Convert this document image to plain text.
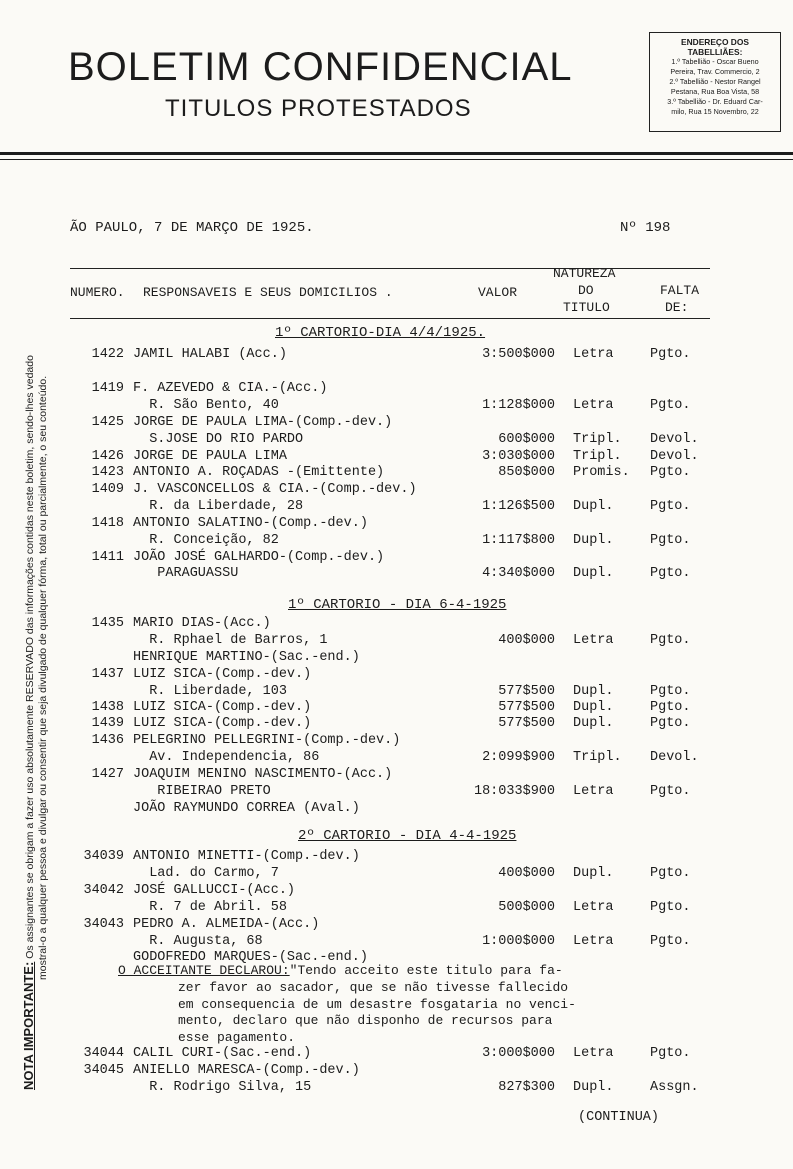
BOLETIM CONFIDENCIAL
TITULOS PROTESTADOS
ENDEREÇO DOS TABELLIÃES:
1.º Tabellião - Oscar Bueno
Pereira, Trav. Commercio, 2
2.º Tabellião - Nestor Rangel
Pestana, Rua Boa Vista, 58
3.º Tabellião - Dr. Eduard Car-
milo, Rua 15 Novembro, 22
NOTA IMPORTANTE: Os assignantes se obrigam a fazer uso absolutamente RESERVADO das informações contidas neste boletim, sendo-lhes vedado mostral-o a qualquer pessoa e divulgar ou consentir que seja divulgado de qualquer fórma, total ou parcialmente, o seu conteúdo.
ÃO PAULO, 7 DE MARÇO DE 1925.	Nº 198
NUMERO. RESPONSAVEIS E SEUS DOMICILIOS .	VALOR
NATUREZA
DO
TITULO
FALTA
DE:
1º CARTORIO-DIA 4/4/1925.
1º CARTORIO - DIA 6-4-1925
2º CARTORIO - DIA 4-4-1925
1422 JAMIL HALABI (Acc.)	3:500$000 Letra	Pgto.
1419 F. AZEVEDO & CIA.-(Acc.)
R. São Bento, 40	1:128$000 Letra	Pgto.
1425 JORGE DE PAULA LIMA-(Comp.-dev.)
S.JOSE DO RIO PARDO	600$000 Tripl. Devol.
1426 JORGE DE PAULA LIMA	3:030$000 Tripl. Devol.
1423 ANTONIO A. ROÇADAS -(Emittente)	850$000 Promis. Pgto.
1409 J. VASCONCELLOS & CIA.-(Comp.-dev.)
R. da Liberdade, 28	1:126$500 Dupl.	Pgto.
1418 ANTONIO SALATINO-(Comp.-dev.)
R. Conceição, 82	1:117$800 Dupl.	Pgto.
1411 JOÃO JOSÉ GALHARDO-(Comp.-dev.)
PARAGUASSU	4:340$000 Dupl.	Pgto.
1435 MARIO DIAS-(Acc.)
R. Rphael de Barros, 1	400$000 Letra	Pgto.
HENRIQUE MARTINO-(Sac.-end.)
1437 LUIZ SICA-(Comp.-dev.)
R. Liberdade, 103	577$500 Dupl.	Pgto.
1438 LUIZ SICA-(Comp.-dev.)	577$500 Dupl.	Pgto.
1439 LUIZ SICA-(Comp.-dev.)	577$500 Dupl.	Pgto.
1436 PELEGRINO PELLEGRINI-(Comp.-dev.)
Av. Independencia, 86	2:099$900 Tripl. Devol.
1427 JOAQUIM MENINO NASCIMENTO-(Acc.)
RIBEIRAO PRETO	18:033$900 Letra	Pgto.
JOÃO RAYMUNDO CORREA (Aval.)
34039 ANTONIO MINETTI-(Comp.-dev.)
Lad. do Carmo, 7	400$000 Dupl.	Pgto.
34042 JOSÉ GALLUCCI-(Acc.)
R. 7 de Abril. 58	500$000 Letra	Pgto.
34043 PEDRO A. ALMEIDA-(Acc.)
R. Augusta, 68	1:000$000 Letra	Pgto.
GODOFREDO MARQUES-(Sac.-end.)
34044 CALIL CURI-(Sac.-end.)	3:000$000 Letra	Pgto.
34045 ANIELLO MARESCA-(Comp.-dev.)
R. Rodrigo Silva, 15	827$300 Dupl.	Assgn.
O ACCEITANTE DECLAROU:"Tendo acceito este titulo para fa-
zer favor ao sacador, que se não tivesse fallecido
em consequencia de um desastre fosgataria no venci-
mento, declaro que não disponho de recursos para
esse pagamento.
(CONTINUA)
